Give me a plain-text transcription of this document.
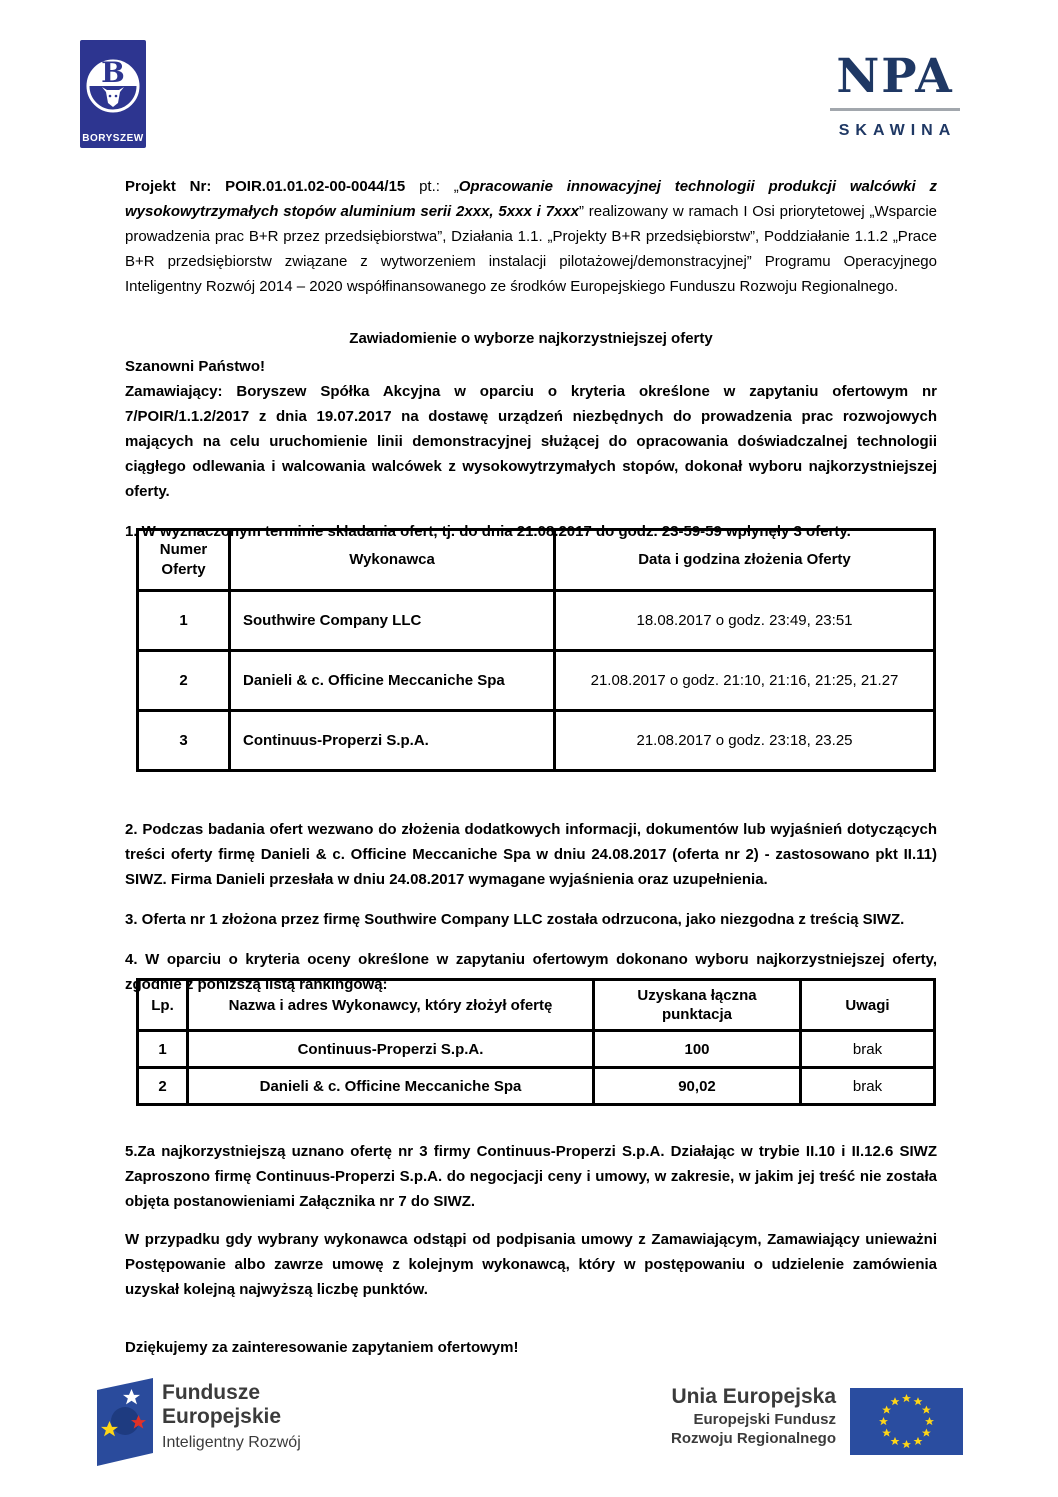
B
BORYSZEW
NPA
SKAWINA

Projekt Nr: POIR.01.01.02-00-0044/15 pt.: „Opracowanie innowacyjnej technologii produkcji walcówki z wysokowytrzymałych stopów aluminium serii 2xxx, 5xxx i 7xxx” realizowany w ramach I Osi priorytetowej „Wsparcie prowadzenia prac B+R przez przedsiębiorstwa”, Działania 1.1. „Projekty B+R przedsiębiorstw”, Poddziałanie 1.1.2 „Prace B+R przedsiębiorstw związane z wytworzeniem instalacji pilotażowej/demonstracyjnej” Programu Operacyjnego Inteligentny Rozwój 2014 – 2020 współfinansowanego ze środków Europejskiego Funduszu Rozwoju Regionalnego.

Zawiadomienie o wyborze najkorzystniejszej oferty

Szanowni Państwo!
Zamawiający: Boryszew Spółka Akcyjna w oparciu o kryteria określone w zapytaniu ofertowym nr 7/POIR/1.1.2/2017 z dnia 19.07.2017 na dostawę urządzeń niezbędnych do prowadzenia prac rozwojowych mających na celu uruchomienie linii demonstracyjnej służącej do opracowania doświadczalnej technologii ciągłego odlewania i walcowania walcówek z wysokowytrzymałych stopów, dokonał wyboru najkorzystniejszej oferty.

1. W wyznaczonym terminie składania ofert, tj. do dnia 21.08.2017 do godz. 23-59-59 wpłynęły 3 oferty.

Numer Oferty	Wykonawca	Data i godzina złożenia Oferty
1	Southwire Company LLC	18.08.2017 o godz. 23:49, 23:51
2	Danieli & c. Officine Meccaniche Spa	21.08.2017 o godz. 21:10, 21:16, 21:25, 21.27
3	Continuus-Properzi S.p.A.	21.08.2017 o godz. 23:18, 23.25

2. Podczas badania ofert wezwano do złożenia dodatkowych informacji, dokumentów lub wyjaśnień dotyczących treści oferty firmę Danieli & c. Officine Meccaniche Spa w dniu 24.08.2017 (oferta nr 2) - zastosowano pkt II.11) SIWZ. Firma Danieli przesłała w dniu 24.08.2017 wymagane wyjaśnienia oraz uzupełnienia.

3. Oferta nr 1 złożona przez firmę Southwire Company LLC została odrzucona, jako niezgodna z treścią SIWZ.

4. W oparciu o kryteria oceny określone w zapytaniu ofertowym dokonano wyboru najkorzystniejszej oferty, zgodnie z poniższą listą rankingową:

Lp.	Nazwa i adres Wykonawcy, który złożył ofertę	Uzyskana łączna punktacja	Uwagi
1	Continuus-Properzi S.p.A.	100	brak
2	Danieli & c. Officine Meccaniche Spa	90,02	brak

5.Za najkorzystniejszą uznano ofertę nr 3 firmy Continuus-Properzi S.p.A. Działając w trybie II.10 i II.12.6 SIWZ Zaproszono firmę Continuus-Properzi S.p.A. do negocjacji ceny i umowy, w zakresie, w jakim jej treść nie została objęta postanowieniami Załącznika nr 7 do SIWZ.

W przypadku gdy wybrany wykonawca odstąpi od podpisania umowy z Zamawiającym, Zamawiający unieważni Postępowanie albo zawrze umowę z kolejnym wykonawcą, który w postępowaniu o udzielenie zamówienia uzyskał kolejną najwyższą liczbę punktów.

Dziękujemy za zainteresowanie zapytaniem ofertowym!

Fundusze
Europejskie
Inteligentny Rozwój
Unia Europejska
Europejski Fundusz
Rozwoju Regionalnego
